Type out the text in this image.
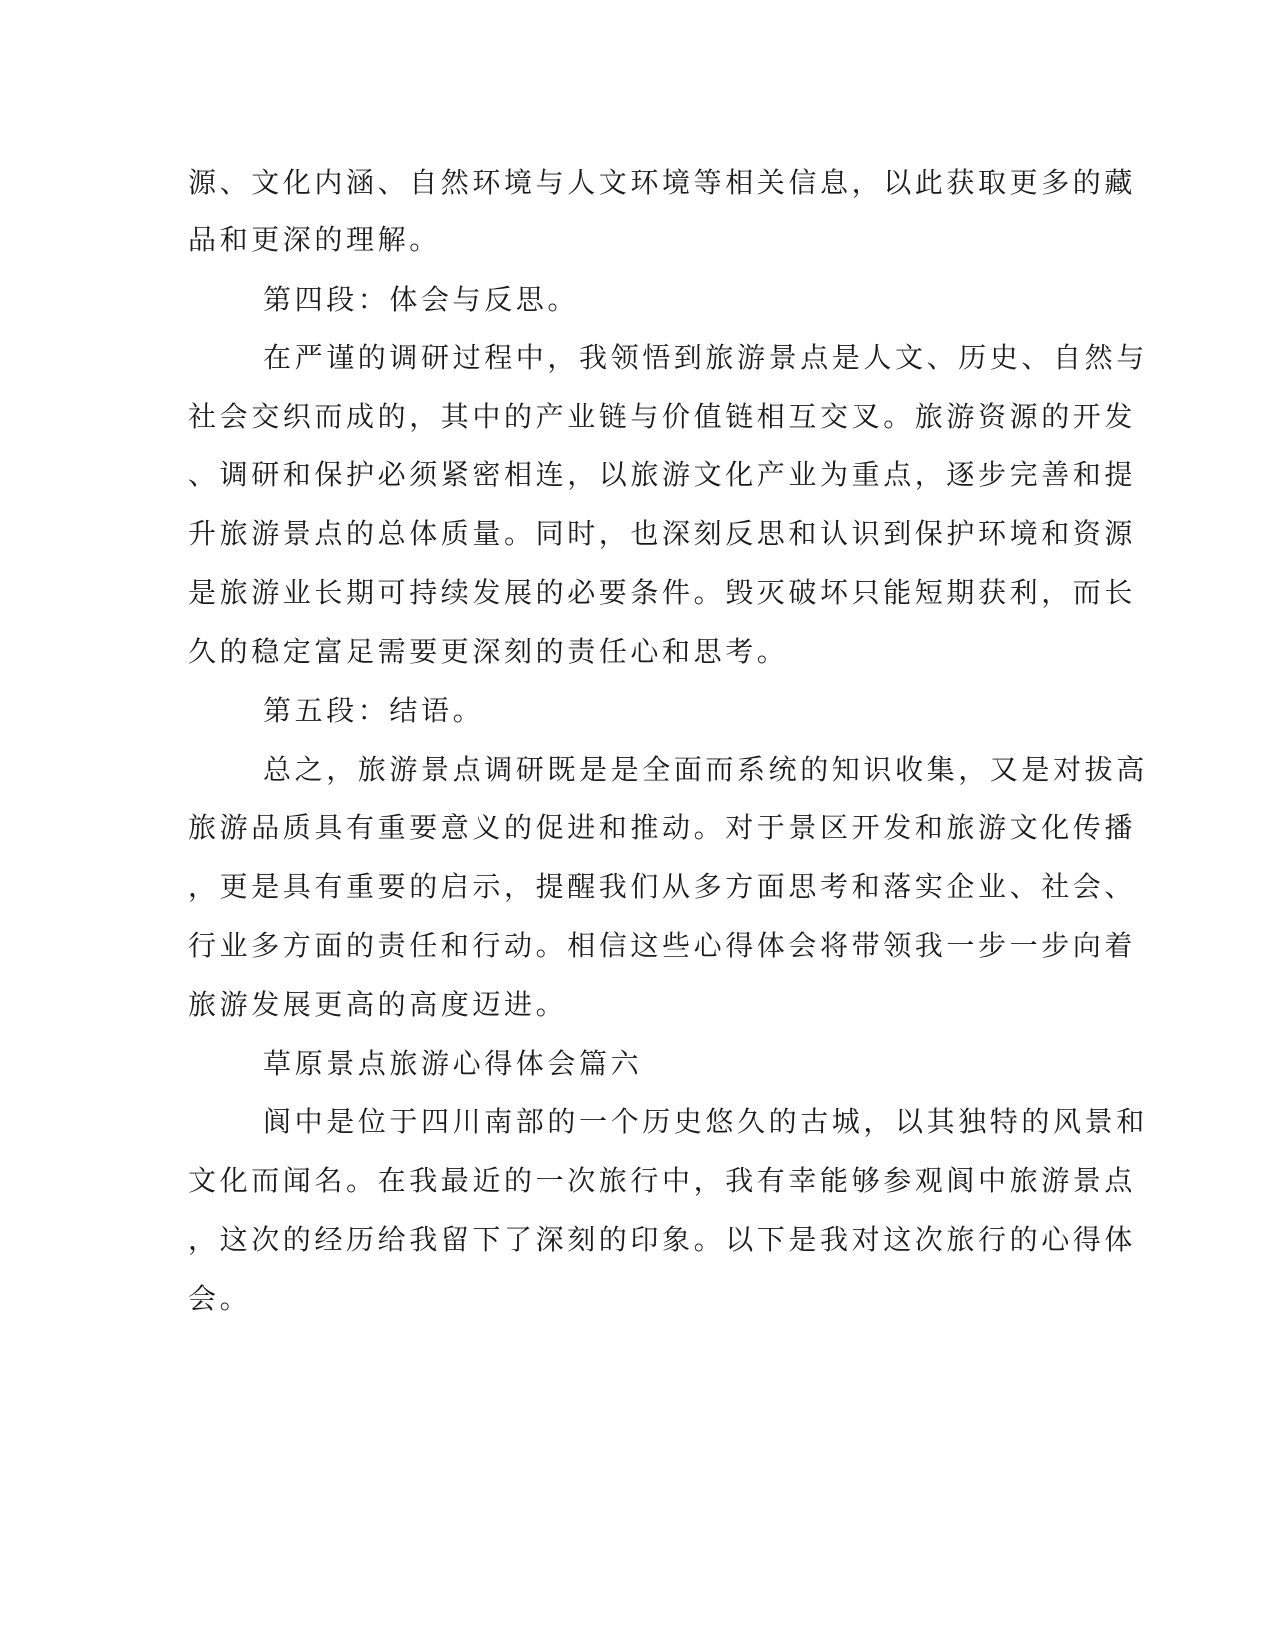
源、文化内涵、自然环境与人文环境等相关信息，以此获取更多的藏
品和更深的理解。
第四段：体会与反思。
在严谨的调研过程中，我领悟到旅游景点是人文、历史、自然与
社会交织而成的，其中的产业链与价值链相互交叉。旅游资源的开发
、调研和保护必须紧密相连，以旅游文化产业为重点，逐步完善和提
升旅游景点的总体质量。同时，也深刻反思和认识到保护环境和资源
是旅游业长期可持续发展的必要条件。毁灭破坏只能短期获利，而长
久的稳定富足需要更深刻的责任心和思考。
第五段：结语。
总之，旅游景点调研既是是全面而系统的知识收集，又是对拔高
旅游品质具有重要意义的促进和推动。对于景区开发和旅游文化传播
，更是具有重要的启示，提醒我们从多方面思考和落实企业、社会、
行业多方面的责任和行动。相信这些心得体会将带领我一步一步向着
旅游发展更高的高度迈进。
草原景点旅游心得体会篇六
阆中是位于四川南部的一个历史悠久的古城，以其独特的风景和
文化而闻名。在我最近的一次旅行中，我有幸能够参观阆中旅游景点
，这次的经历给我留下了深刻的印象。以下是我对这次旅行的心得体
会。
